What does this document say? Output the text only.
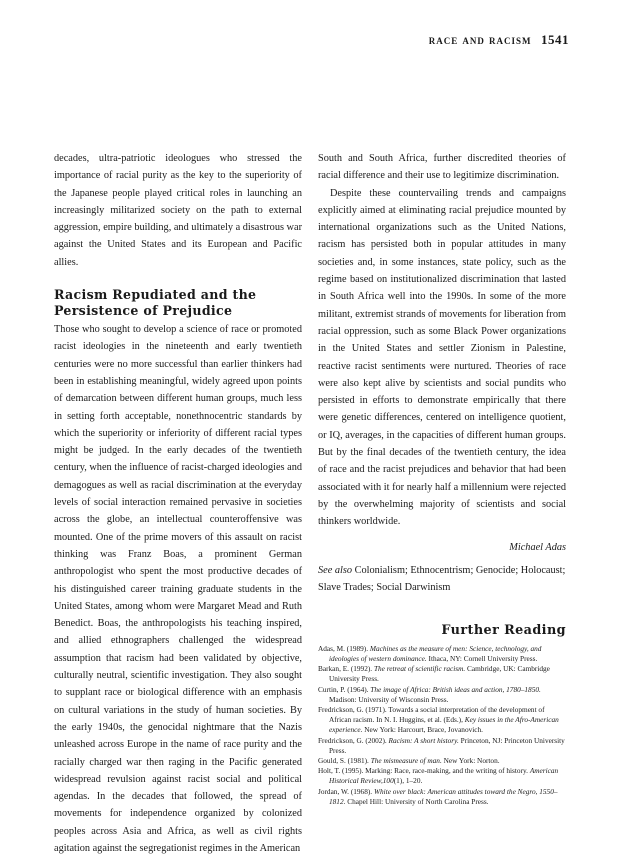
race and racism 1541

decades, ultra-patriotic ideologues who stressed the importance of racial purity as the key to the superiority of the Japanese people played critical roles in launching an increasingly militarized society on the path to external aggression, empire building, and ultimately a disastrous war against the United States and its European and Pacific allies.

Racism Repudiated and the Persistence of Prejudice

Those who sought to develop a science of race or promoted racist ideologies in the nineteenth and early twentieth centuries were no more successful than earlier thinkers had been in establishing meaningful, widely agreed upon points of demarcation between different human groups, much less in setting forth acceptable, nonethnocentric standards by which the superiority or inferiority of different racial types might be judged. In the early decades of the twentieth century, when the influence of racist-charged ideologies and demagogues as well as racial discrimination at the everyday levels of social interaction remained pervasive in societies across the globe, an intellectual counteroffensive was mounted. One of the prime movers of this assault on racist thinking was Franz Boas, a prominent German anthropologist who spent the most productive decades of his distinguished career training graduate students in the United States, among whom were Margaret Mead and Ruth Benedict. Boas, the anthropologists his teaching inspired, and allied ethnographers challenged the widespread assumption that racism had been validated by objective, culturally neutral, scientific investigation. They also sought to supplant race or biological difference with an emphasis on cultural variations in the study of human societies. By the early 1940s, the genocidal nightmare that the Nazis unleashed across Europe in the name of race purity and the racially charged war then raging in the Pacific generated widespread revulsion against racist social and political agendas. In the decades that followed, the spread of movements for independence organized by colonized peoples across Asia and Africa, as well as civil rights agitation against the segregationist regimes in the American

South and South Africa, further discredited theories of racial difference and their use to legitimize discrimination.

Despite these countervailing trends and campaigns explicitly aimed at eliminating racial prejudice mounted by international organizations such as the United Nations, racism has persisted both in popular attitudes in many societies and, in some instances, state policy, such as the regime based on institutionalized discrimination that lasted in South Africa well into the 1990s. In some of the more militant, extremist strands of movements for liberation from racial oppression, such as some Black Power organizations in the United States and settler Zionism in Palestine, reactive racist sentiments were nurtured. Theories of race were also kept alive by scientists and social pundits who persisted in efforts to demonstrate empirically that there were genetic differences, centered on intelligence quotient, or IQ, averages, in the capacities of different human groups. But by the final decades of the twentieth century, the idea of race and the racist prejudices and behavior that had been associated with it for nearly half a millennium were rejected by the overwhelming majority of scientists and social thinkers worldwide.

Michael Adas

See also Colonialism; Ethnocentrism; Genocide; Holocaust; Slave Trades; Social Darwinism

Further Reading

Adas, M. (1989). Machines as the measure of men: Science, technology, and ideologies of western dominance. Ithaca, NY: Cornell University Press.

Barkan, E. (1992). The retreat of scientific racism. Cambridge, UK: Cambridge University Press.

Curtin, P. (1964). The image of Africa: British ideas and action, 1780–1850. Madison: University of Wisconsin Press.

Fredrickson, G. (1971). Towards a social interpretation of the development of African racism. In N. I. Huggins, et al. (Eds.), Key issues in the Afro-American experience. New York: Harcourt, Brace, Jovanovich.

Fredrickson, G. (2002). Racism: A short history. Princeton, NJ: Princeton University Press.

Gould, S. (1981). The mismeasure of man. New York: Norton.

Holt, T. (1995). Marking: Race, race-making, and the writing of history. American Historical Review,100(1), 1–20.

Jordan, W. (1968). White over black: American attitudes toward the Negro, 1550–1812. Chapel Hill: University of North Carolina Press.
